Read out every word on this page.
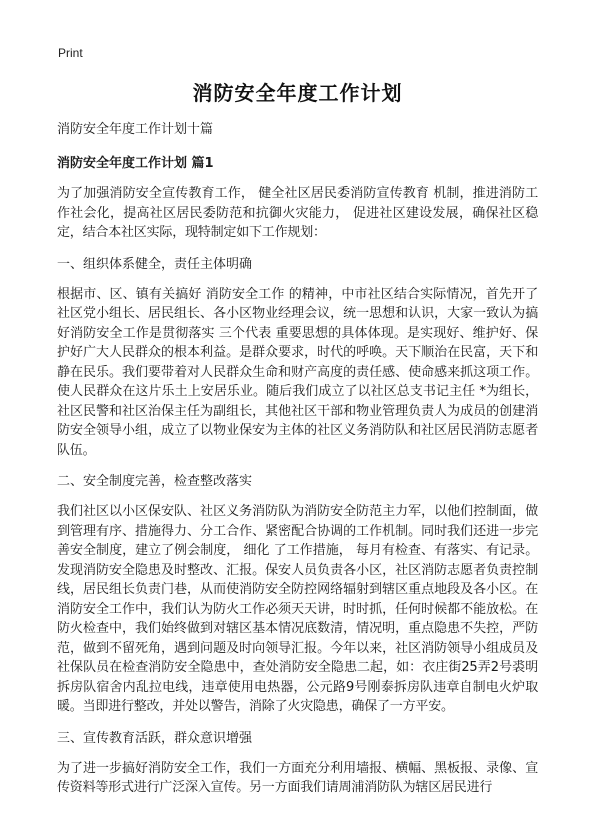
Print
消防安全年度工作计划

消防安全年度工作计划十篇

消防安全年度工作计划 篇1

为了加强消防安全宣传教育工作， 健全社区居民委消防宣传教育 机制，推进消防工作社会化，提高社区居民委防范和抗御火灾能力， 促进社区建设发展，确保社区稳定，结合本社区实际，现特制定如下工作规划：

一、组织体系健全，责任主体明确

根据市、区、镇有关搞好 消防安全工作 的精神，中市社区结合实际情况，首先开了社区党小组长、居民组长、各小区物业经理会议，统一思想和认识，大家一致认为搞好消防安全工作是贯彻落实 三个代表 重要思想的具体体现。是实现好、维护好、保护好广大人民群众的根本利益。是群众要求，时代的呼唤。天下顺治在民富，天下和静在民乐。我们要带着对人民群众生命和财产高度的责任感、使命感来抓这项工作。使人民群众在这片乐土上安居乐业。随后我们成立了以社区总支书记主任 *为组长，社区民警和社区治保主任为副组长，其他社区干部和物业管理负责人为成员的创建消防安全领导小组，成立了以物业保安为主体的社区义务消防队和社区居民消防志愿者队伍。

二、安全制度完善，检查整改落实

我们社区以小区保安队、社区义务消防队为消防安全防范主力军，以他们控制面，做到管理有序、措施得力、分工合作、紧密配合协调的工作机制。同时我们还进一步完善安全制度，建立了例会制度， 细化 了工作措施， 每月有检查、有落实、有记录。发现消防安全隐患及时整改、汇报。保安人员负责各小区，社区消防志愿者负责控制线，居民组长负责门巷，从而使消防安全防控网络辐射到辖区重点地段及各小区。在消防安全工作中，我们认为防火工作必须天天讲，时时抓，任何时候都不能放松。在防火检查中，我们始终做到对辖区基本情况底数清，情况明，重点隐患不失控，严防范，做到不留死角，遇到问题及时向领导汇报。今年以来，社区消防领导小组成员及社保队员在检查消防安全隐患中，查处消防安全隐患二起，如：衣庄街25弄2号裘明拆房队宿舍内乱拉电线，违章使用电热器，公元路9号刚泰拆房队违章自制电火炉取暖。当即进行整改，并处以警告，消除了火灾隐患，确保了一方平安。

三、宣传教育活跃，群众意识增强

为了进一步搞好消防安全工作，我们一方面充分利用墙报、横幅、黑板报、录像、宣传资料等形式进行广泛深入宣传。另一方面我们请周浦消防队为辖区居民进行
